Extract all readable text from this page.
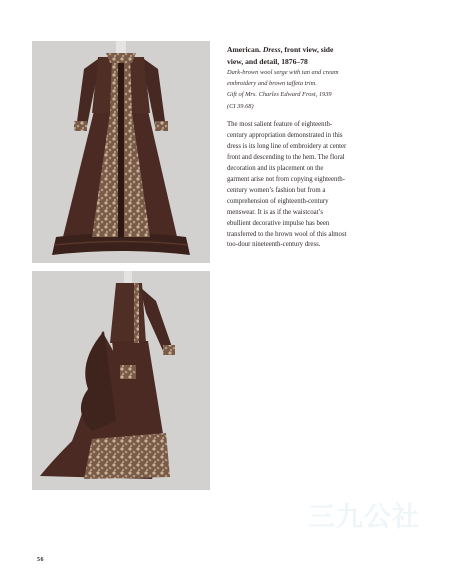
American. Dress, front view, side view, and detail, 1876–78
Dark-brown wool serge with tan and cream embroidery and brown taffeta trim.
Gift of Mrs. Charles Edward Frost, 1939
(CI 39.68)
The most salient feature of eighteenth-century appropriation demonstrated in this dress is its long line of embroidery at center front and descending to the hem. The floral decoration and its placement on the garment arise not from copying eighteenth-century women’s fashion but from a comprehension of eighteenth-century menswear. It is as if the waistcoat’s ebullient decorative impulse has been transferred to the brown wool of this almost too-dour nineteenth-century dress.
56
三九公社
